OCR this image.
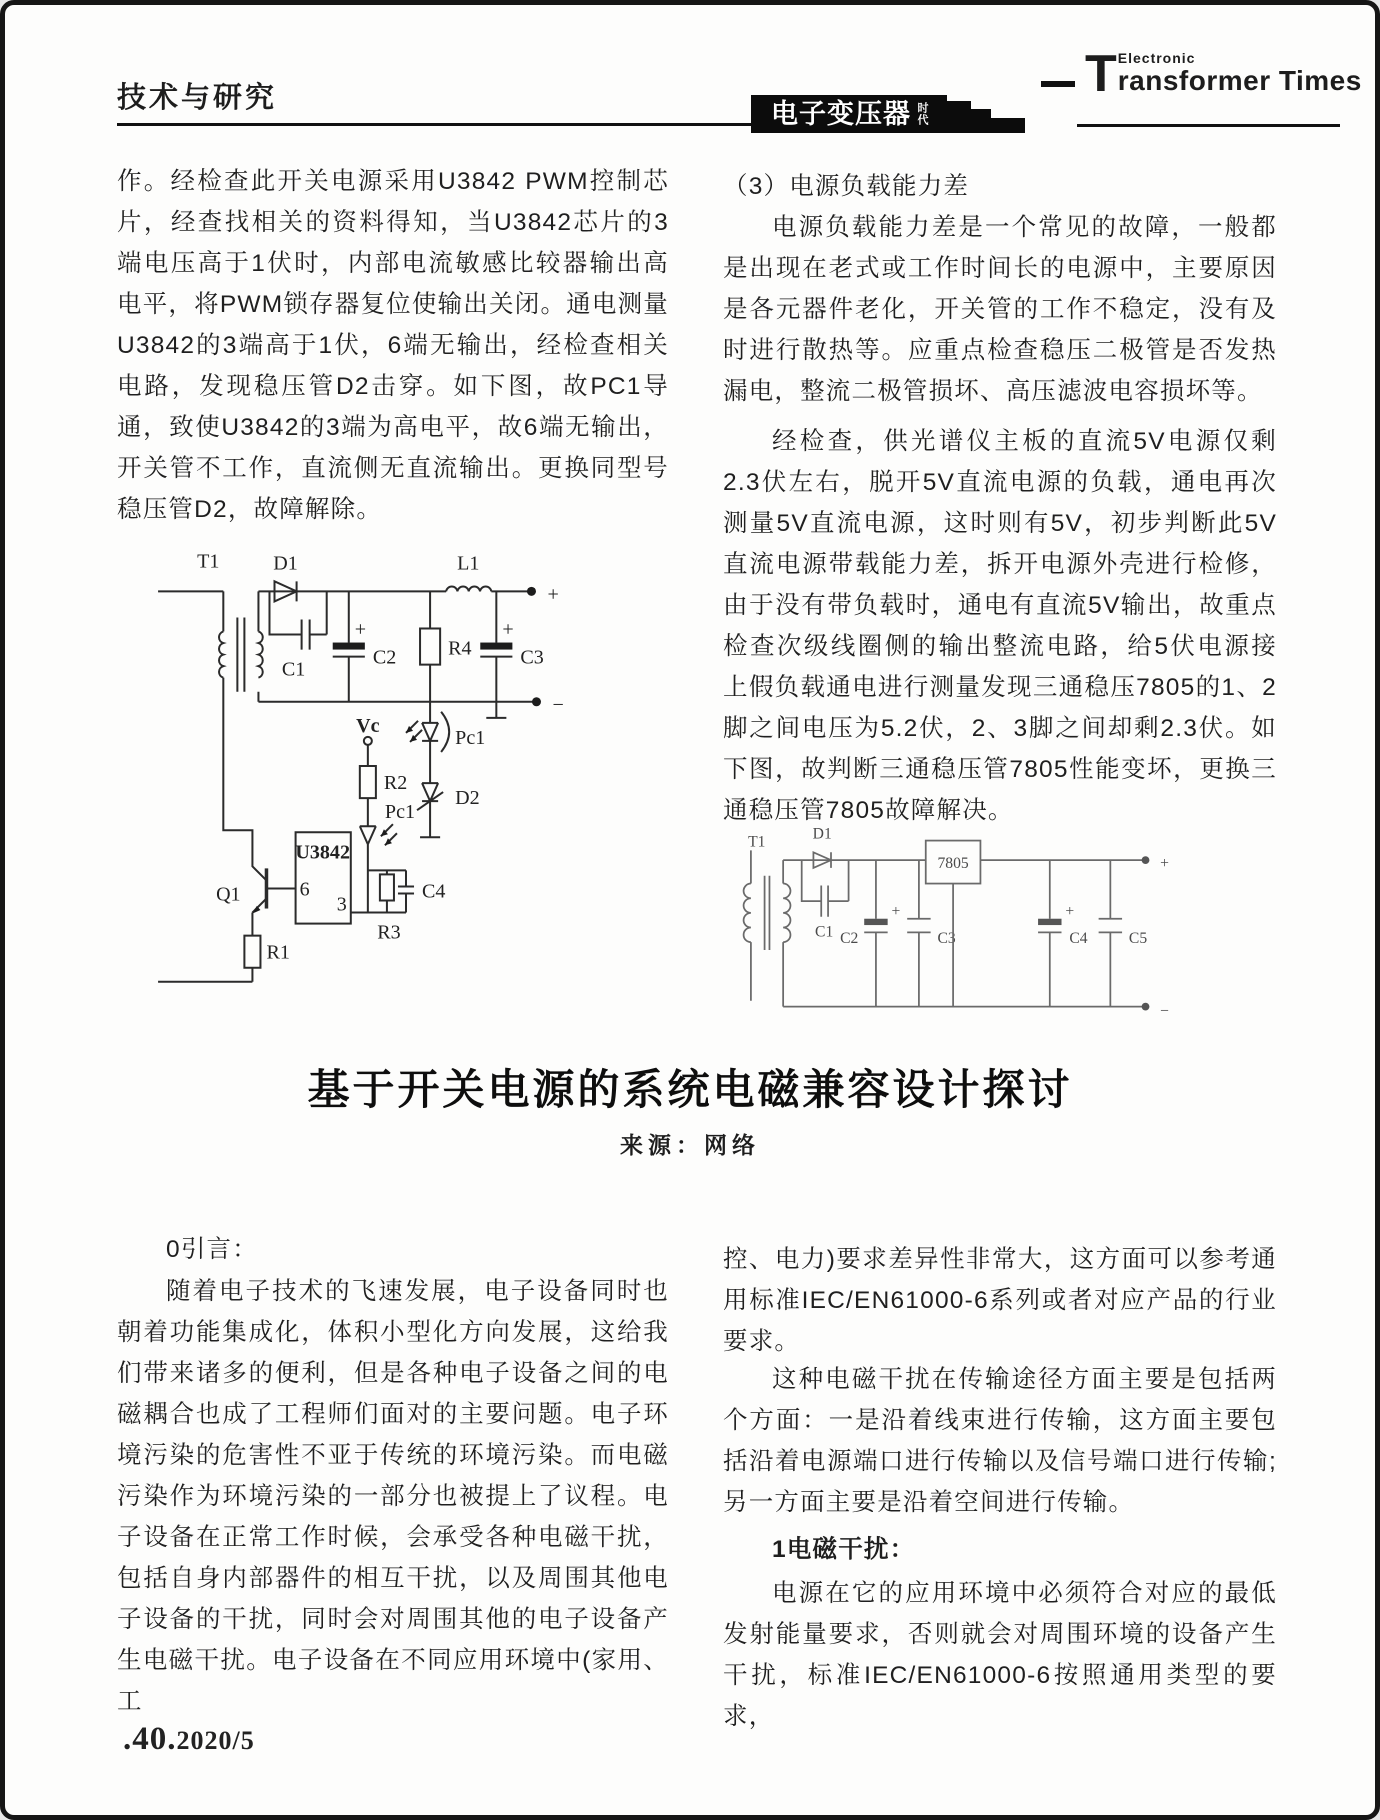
技术与研究	电子变压器 时代
T Electronic
ransformer Times

作。经检查此开关电源采用U3842 PWM控制芯片，经查找相关的资料得知，当U3842芯片的3端电压高于1伏时，内部电流敏感比较器输出高电平，将PWM锁存器复位使输出关闭。通电测量U3842的3端高于1伏，6端无输出，经检查相关电路，发现稳压管D2击穿。如下图，故PC1导通，致使U3842的3端为高电平，故6端无输出，开关管不工作，直流侧无直流输出。更换同型号稳压管D2，故障解除。

（3）电源负载能力差

电源负载能力差是一个常见的故障，一般都是出现在老式或工作时间长的电源中，主要原因是各元器件老化，开关管的工作不稳定，没有及时进行散热等。应重点检查稳压二极管是否发热漏电，整流二极管损坏、高压滤波电容损坏等。

经检查，供光谱仪主板的直流5V电源仅剩2.3伏左右，脱开5V直流电源的负载，通电再次测量5V直流电源，这时则有5V，初步判断此5V直流电源带载能力差，拆开电源外壳进行检修，由于没有带负载时，通电有直流5V输出，故重点检查次级线圈侧的输出整流电路，给5伏电源接上假负载通电进行测量发现三通稳压7805的1、2脚之间电压为5.2伏，2、3脚之间却剩2.3伏。如下图，故判断三通稳压管7805性能变坏，更换三通稳压管7805故障解决。

T1	D1
C1
+
C2	R4
L1
+
C3
+
−
Pc1
D2
Vc
R2
Pc1
C4
R3
U3842
6
3
Q1
R1
T1	D1
C1
+
C2	C3
7805
+
C4	C5
+
−
基于开关电源的系统电磁兼容设计探讨

来源：网络

0引言：

随着电子技术的飞速发展，电子设备同时也朝着功能集成化，体积小型化方向发展，这给我们带来诸多的便利，但是各种电子设备之间的电磁耦合也成了工程师们面对的主要问题。电子环境污染的危害性不亚于传统的环境污染。而电磁污染作为环境污染的一部分也被提上了议程。电子设备在正常工作时候，会承受各种电磁干扰，包括自身内部器件的相互干扰，以及周围其他电子设备的干扰，同时会对周围其他的电子设备产生电磁干扰。电子设备在不同应用环境中(家用、工

控、电力)要求差异性非常大，这方面可以参考通用标准IEC/EN61000-6系列或者对应产品的行业要求。

这种电磁干扰在传输途径方面主要是包括两个方面：一是沿着线束进行传输，这方面主要包括沿着电源端口进行传输以及信号端口进行传输;另一方面主要是沿着空间进行传输。

1电磁干扰：

电源在它的应用环境中必须符合对应的最低发射能量要求，否则就会对周围环境的设备产生干扰，标准IEC/EN61000-6按照通用类型的要求，

.40. 2020/5
